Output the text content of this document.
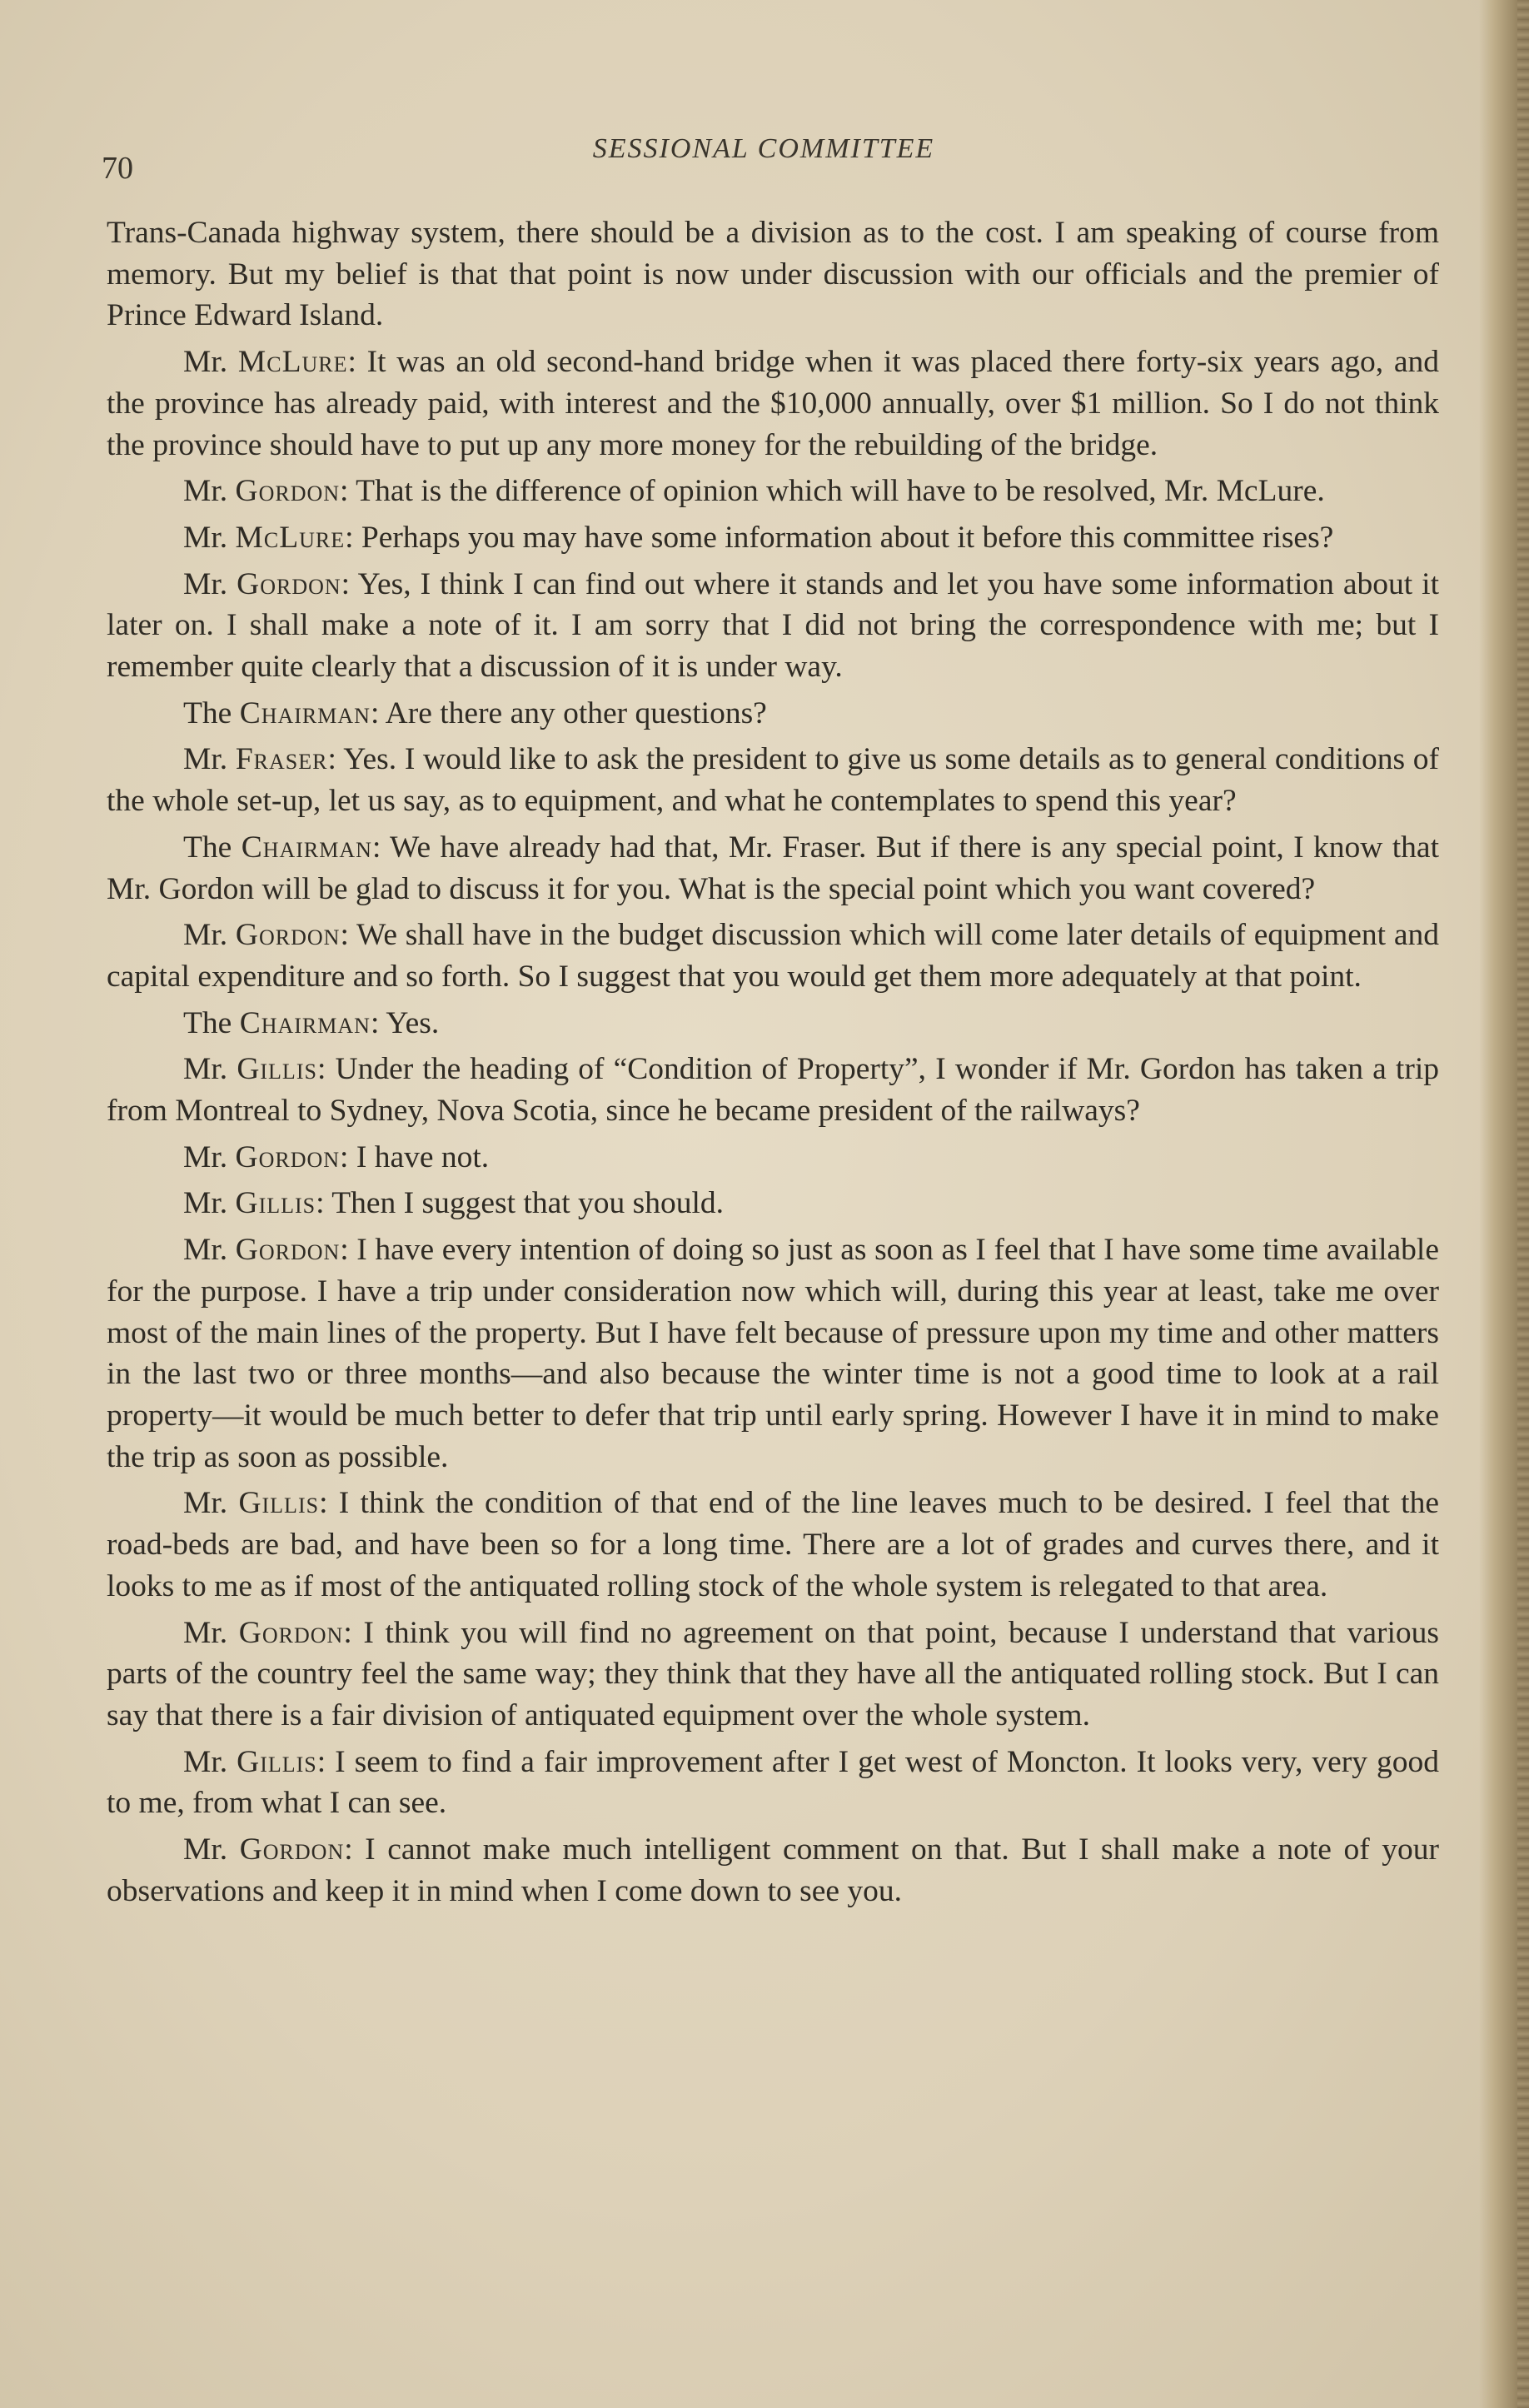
70
SESSIONAL COMMITTEE

Trans-Canada highway system, there should be a division as to the cost. I am speaking of course from memory. But my belief is that that point is now under discussion with our officials and the premier of Prince Edward Island.

Mr. McLure: It was an old second-hand bridge when it was placed there forty-six years ago, and the province has already paid, with interest and the $10,000 annually, over $1 million. So I do not think the province should have to put up any more money for the rebuilding of the bridge.

Mr. Gordon: That is the difference of opinion which will have to be resolved, Mr. McLure.

Mr. McLure: Perhaps you may have some information about it before this committee rises?

Mr. Gordon: Yes, I think I can find out where it stands and let you have some information about it later on. I shall make a note of it. I am sorry that I did not bring the correspondence with me; but I remember quite clearly that a discussion of it is under way.

The Chairman: Are there any other questions?

Mr. Fraser: Yes. I would like to ask the president to give us some details as to general conditions of the whole set-up, let us say, as to equipment, and what he contemplates to spend this year?

The Chairman: We have already had that, Mr. Fraser. But if there is any special point, I know that Mr. Gordon will be glad to discuss it for you. What is the special point which you want covered?

Mr. Gordon: We shall have in the budget discussion which will come later details of equipment and capital expenditure and so forth. So I suggest that you would get them more adequately at that point.

The Chairman: Yes.

Mr. Gillis: Under the heading of “Condition of Property”, I wonder if Mr. Gordon has taken a trip from Montreal to Sydney, Nova Scotia, since he became president of the railways?

Mr. Gordon: I have not.

Mr. Gillis: Then I suggest that you should.

Mr. Gordon: I have every intention of doing so just as soon as I feel that I have some time available for the purpose. I have a trip under consideration now which will, during this year at least, take me over most of the main lines of the property. But I have felt because of pressure upon my time and other matters in the last two or three months—and also because the winter time is not a good time to look at a rail property—it would be much better to defer that trip until early spring. However I have it in mind to make the trip as soon as possible.

Mr. Gillis: I think the condition of that end of the line leaves much to be desired. I feel that the road-beds are bad, and have been so for a long time. There are a lot of grades and curves there, and it looks to me as if most of the antiquated rolling stock of the whole system is relegated to that area.

Mr. Gordon: I think you will find no agreement on that point, because I understand that various parts of the country feel the same way; they think that they have all the antiquated rolling stock. But I can say that there is a fair division of antiquated equipment over the whole system.

Mr. Gillis: I seem to find a fair improvement after I get west of Moncton. It looks very, very good to me, from what I can see.

Mr. Gordon: I cannot make much intelligent comment on that. But I shall make a note of your observations and keep it in mind when I come down to see you.
